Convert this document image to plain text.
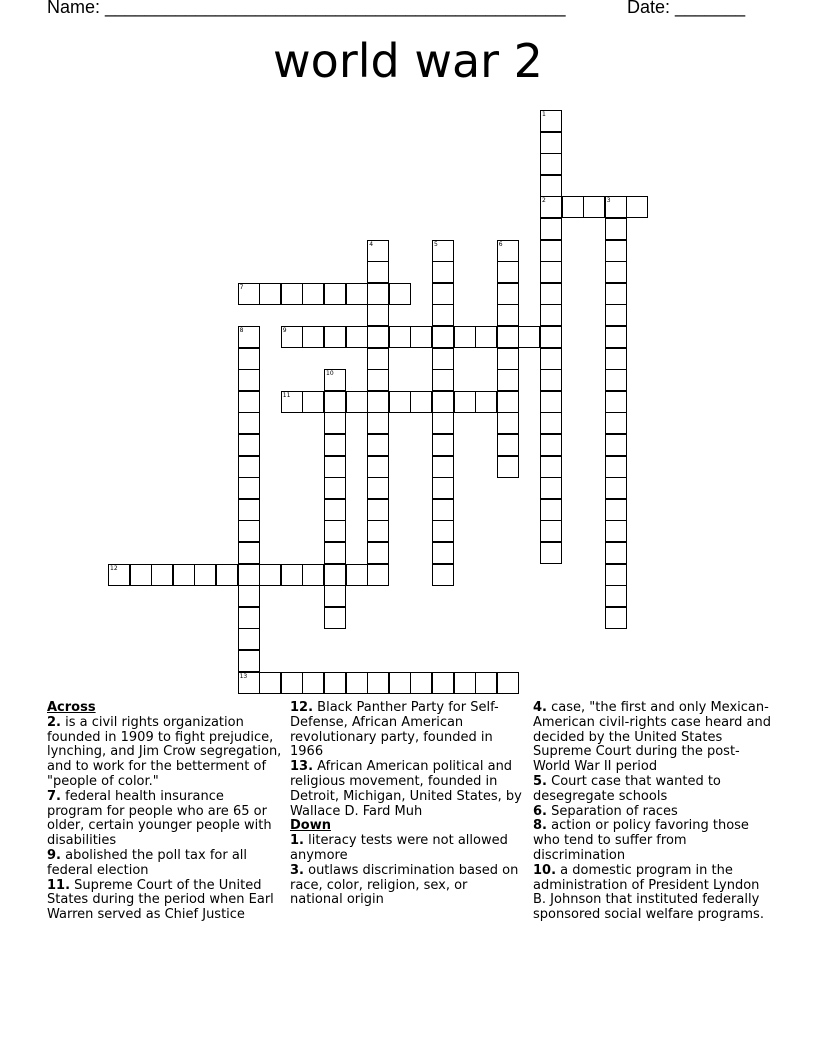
Name: ______________________________________________	Date: _______
world war 2
2	3
7
9
11
12
13
1
4	5	6
8
10
Across

2. is a civil rights organization founded in 1909 to fight prejudice, lynching, and Jim Crow segregation, and to work for the betterment of "people of color."

7. federal health insurance program for people who are 65 or older, certain younger people with disabilities

9. abolished the poll tax for all federal election

11. Supreme Court of the United States during the period when Earl Warren served as Chief Justice

12. Black Panther Party for Self-Defense, African American revolutionary party, founded in 1966

13. African American political and religious movement, founded in Detroit, Michigan, United States, by Wallace D. Fard Muh

Down

1. literacy tests were not allowed anymore

3. outlaws discrimination based on race, color, religion, sex, or national origin

4. case, "the first and only Mexican-American civil-rights case heard and decided by the United States Supreme Court during the post-World War II period

5. Court case that wanted to desegregate schools

6. Separation of races

8. action or policy favoring those who tend to suffer from discrimination

10. a domestic program in the administration of President Lyndon B. Johnson that instituted federally sponsored social welfare programs.
